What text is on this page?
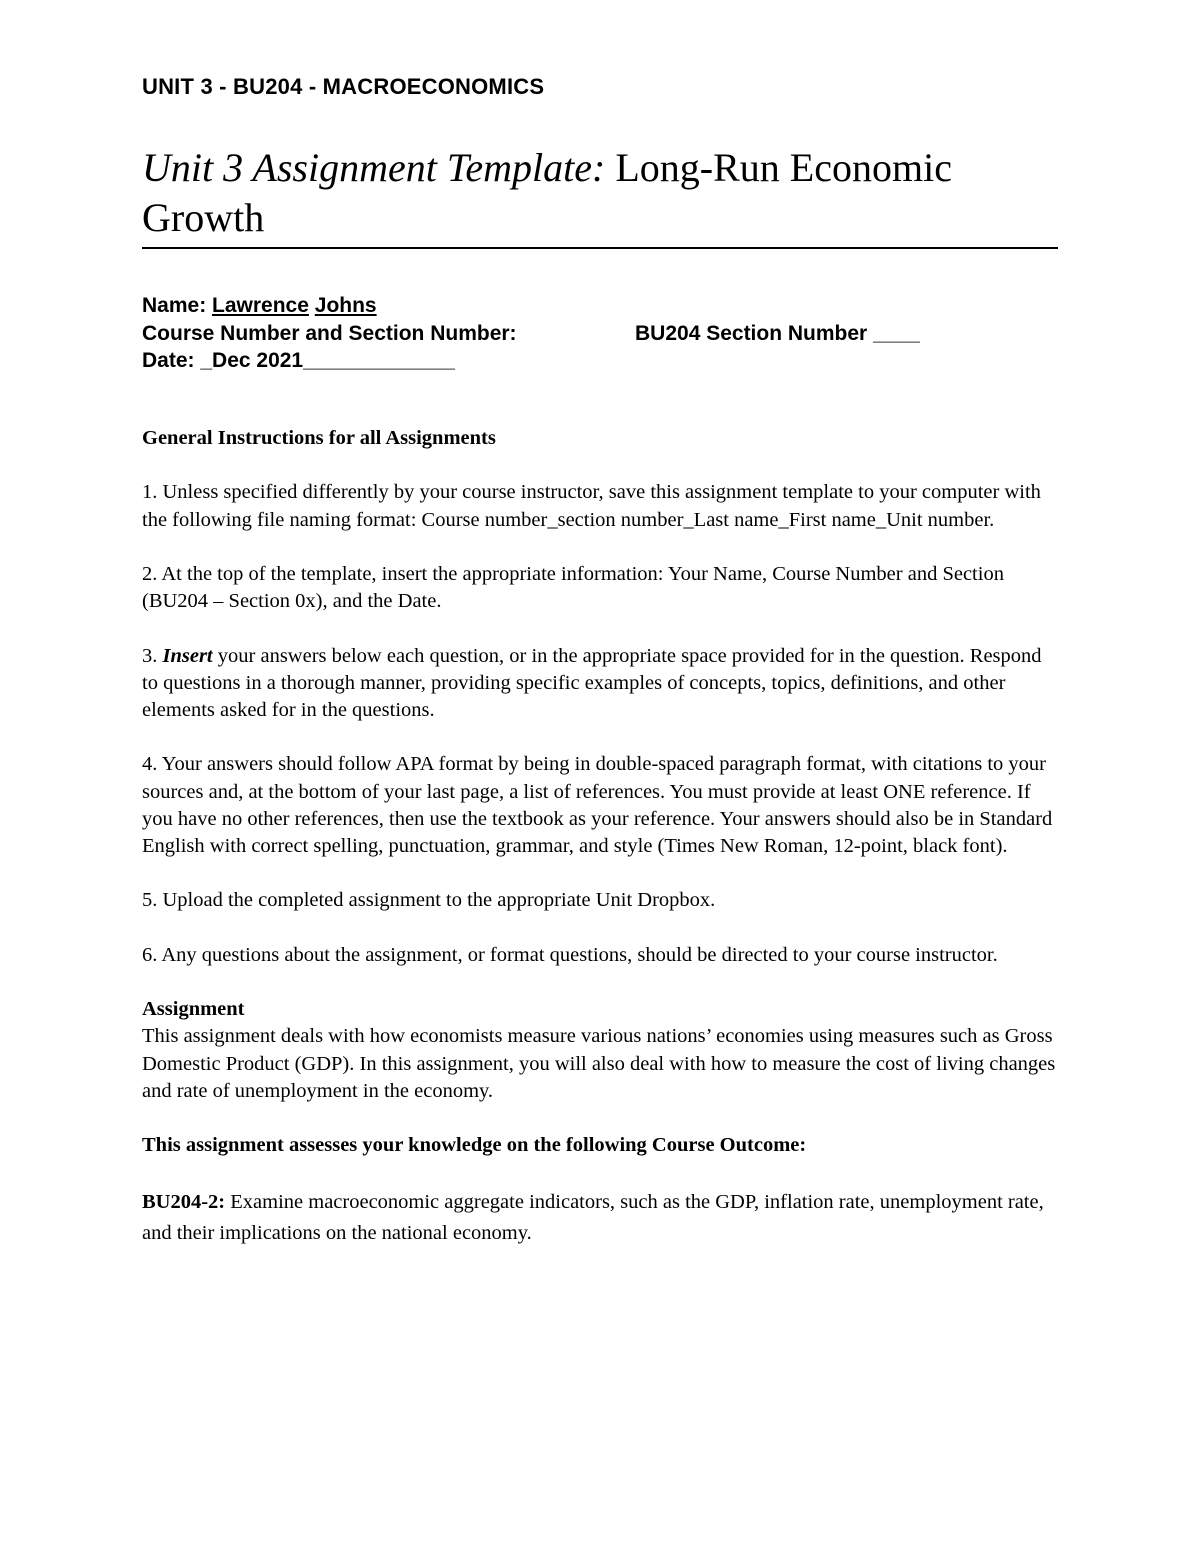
UNIT 3 - BU204 - MACROECONOMICS
Unit 3 Assignment Template: Long-Run Economic Growth
Name: Lawrence Johns
Course Number and Section Number:	BU204 Section Number ____
Date: _Dec 2021_____________
General Instructions for all Assignments

1. Unless specified differently by your course instructor, save this assignment template to your computer with the following file naming format: Course number_section number_Last name_First name_Unit number.

2. At the top of the template, insert the appropriate information: Your Name, Course Number and Section (BU204 – Section 0x), and the Date.

3. Insert your answers below each question, or in the appropriate space provided for in the question. Respond to questions in a thorough manner, providing specific examples of concepts, topics, definitions, and other elements asked for in the questions.

4. Your answers should follow APA format by being in double-spaced paragraph format, with citations to your sources and, at the bottom of your last page, a list of references. You must provide at least ONE reference. If you have no other references, then use the textbook as your reference. Your answers should also be in Standard English with correct spelling, punctuation, grammar, and style (Times New Roman, 12-point, black font).

5. Upload the completed assignment to the appropriate Unit Dropbox.

6. Any questions about the assignment, or format questions, should be directed to your course instructor.

Assignment

This assignment deals with how economists measure various nations’ economies using measures such as Gross Domestic Product (GDP). In this assignment, you will also deal with how to measure the cost of living changes and rate of unemployment in the economy.

This assignment assesses your knowledge on the following Course Outcome:

BU204-2: Examine macroeconomic aggregate indicators, such as the GDP, inflation rate, unemployment rate, and their implications on the national economy.
